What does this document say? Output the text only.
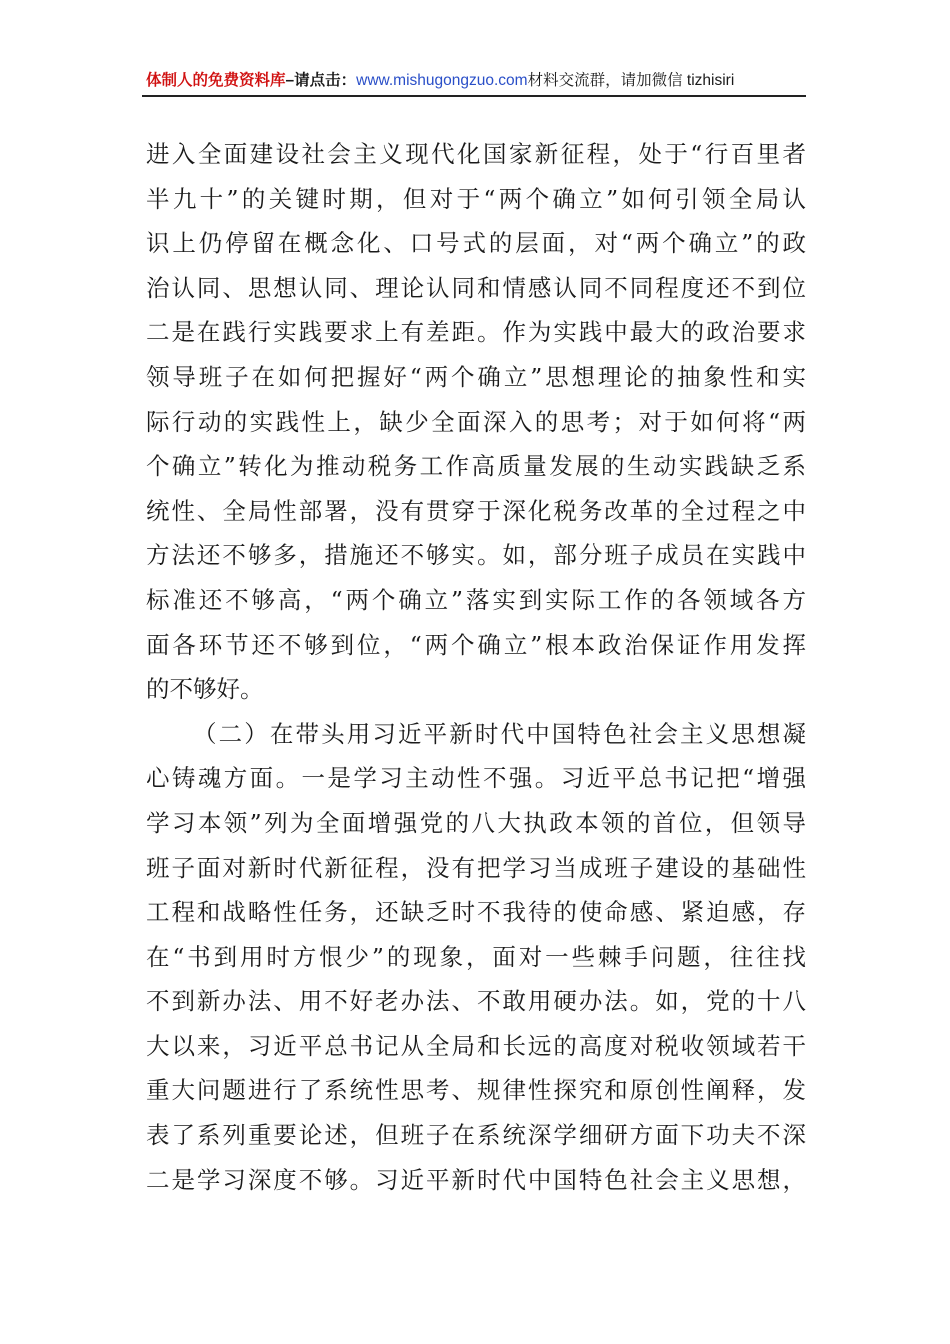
体制人的免费资料库–请点击：www.mishugongzuo.com材料交流群，请加微信 tizhisiri
进入全面建设社会主义现代化国家新征程，处于“行百里者
半九十”的关键时期，但对于“两个确立”如何引领全局认
识上仍停留在概念化、口号式的层面，对“两个确立”的政
治认同、思想认同、理论认同和情感认同不同程度还不到位
二是在践行实践要求上有差距。作为实践中最大的政治要求
领导班子在如何把握好“两个确立”思想理论的抽象性和实
际行动的实践性上，缺少全面深入的思考；对于如何将“两
个确立”转化为推动税务工作高质量发展的生动实践缺乏系
统性、全局性部署，没有贯穿于深化税务改革的全过程之中
方法还不够多，措施还不够实。如，部分班子成员在实践中
标准还不够高，“两个确立”落实到实际工作的各领域各方
面各环节还不够到位，“两个确立”根本政治保证作用发挥
的不够好。
（二）在带头用习近平新时代中国特色社会主义思想凝
心铸魂方面。一是学习主动性不强。习近平总书记把“增强
学习本领”列为全面增强党的八大执政本领的首位，但领导
班子面对新时代新征程，没有把学习当成班子建设的基础性
工程和战略性任务，还缺乏时不我待的使命感、紧迫感，存
在“书到用时方恨少”的现象，面对一些棘手问题，往往找
不到新办法、用不好老办法、不敢用硬办法。如，党的十八
大以来，习近平总书记从全局和长远的高度对税收领域若干
重大问题进行了系统性思考、规律性探究和原创性阐释，发
表了系列重要论述，但班子在系统深学细研方面下功夫不深
二是学习深度不够。习近平新时代中国特色社会主义思想，
